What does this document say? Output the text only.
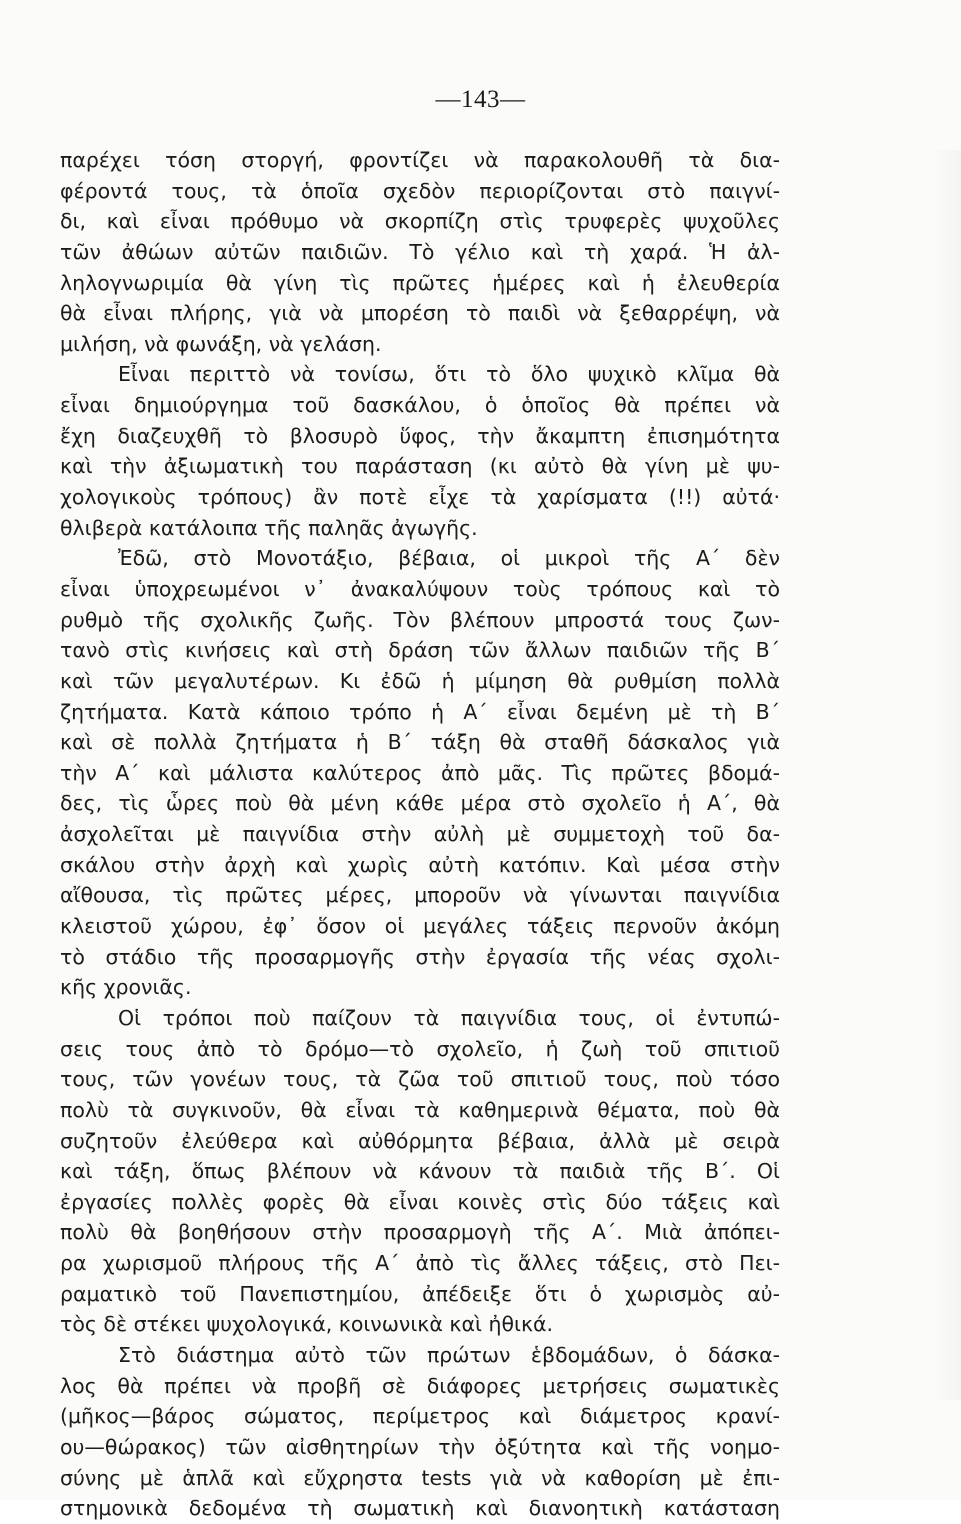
—143—
παρέχει τόση στοργή, φροντίζει νὰ παρακολουθῆ τὰ δια-
φέροντά τους, τὰ ὁποῖα σχεδὸν περιορίζονται στὸ παιγνί-
δι, καὶ εἶναι πρόθυμο νὰ σκορπίζη στὶς τρυφερὲς ψυχοῦλες
τῶν ἀθώων αὐτῶν παιδιῶν. Τὸ γέλιο καὶ τὴ χαρά. Ἡ ἀλ-
ληλογνωριμία θὰ γίνη τὶς πρῶτες ἡμέρες καὶ ἡ ἐλευθερία
θὰ εἶναι πλήρης, γιὰ νὰ μπορέση τὸ παιδὶ νὰ ξεθαρρέψη, νὰ
μιλήση, νὰ φωνάξη, νὰ γελάση.
Εἶναι περιττὸ νὰ τονίσω, ὅτι τὸ ὅλο ψυχικὸ κλῖμα θὰ
εἶναι δημιούργημα τοῦ δασκάλου, ὁ ὁποῖος θὰ πρέπει νὰ
ἔχη διαζευχθῆ τὸ βλοσυρὸ ὕφος, τὴν ἄκαμπτη ἐπισημότητα
καὶ τὴν ἀξιωματικὴ του παράσταση (κι αὐτὸ θὰ γίνη μὲ ψυ-
χολογικοὺς τρόπους) ἂν ποτὲ εἶχε τὰ χαρίσματα (!!) αὐτά·
θλιβερὰ κατάλοιπα τῆς παληᾶς ἀγωγῆς.
Ἐδῶ, στὸ Μονοτάξιο, βέβαια, οἱ μικροὶ τῆς Α΄ δὲν
εἶναι ὑποχρεωμένοι ν᾿ ἀνακαλύψουν τοὺς τρόπους καὶ τὸ
ρυθμὸ τῆς σχολικῆς ζωῆς. Τὸν βλέπουν μπροστά τους ζων-
τανὸ στὶς κινήσεις καὶ στὴ δράση τῶν ἄλλων παιδιῶν τῆς Β΄
καὶ τῶν μεγαλυτέρων. Κι ἐδῶ ἡ μίμηση θὰ ρυθμίση πολλὰ
ζητήματα. Κατὰ κάποιο τρόπο ἡ Α΄ εἶναι δεμένη μὲ τὴ Β΄
καὶ σὲ πολλὰ ζητήματα ἡ Β΄ τάξη θὰ σταθῆ δάσκαλος γιὰ
τὴν Α΄ καὶ μάλιστα καλύτερος ἀπὸ μᾶς. Τὶς πρῶτες βδομά-
δες, τὶς ὧρες ποὺ θὰ μένη κάθε μέρα στὸ σχολεῖο ἡ Α΄, θὰ
ἀσχολεῖται μὲ παιγνίδια στὴν αὐλὴ μὲ συμμετοχὴ τοῦ δα-
σκάλου στὴν ἀρχὴ καὶ χωρὶς αὐτὴ κατόπιν. Καὶ μέσα στὴν
αἴθουσα, τὶς πρῶτες μέρες, μποροῦν νὰ γίνωνται παιγνίδια
κλειστοῦ χώρου, ἐφ᾿ ὅσον οἱ μεγάλες τάξεις περνοῦν ἀκόμη
τὸ στάδιο τῆς προσαρμογῆς στὴν ἐργασία τῆς νέας σχολι-
κῆς χρονιᾶς.
Οἱ τρόποι ποὺ παίζουν τὰ παιγνίδια τους, οἱ ἐντυπώ-
σεις τους ἀπὸ τὸ δρόμο—τὸ σχολεῖο, ἡ ζωὴ τοῦ σπιτιοῦ
τους, τῶν γονέων τους, τὰ ζῶα τοῦ σπιτιοῦ τους, ποὺ τόσο
πολὺ τὰ συγκινοῦν, θὰ εἶναι τὰ καθημερινὰ θέματα, ποὺ θὰ
συζητοῦν ἐλεύθερα καὶ αὐθόρμητα βέβαια, ἀλλὰ μὲ σειρὰ
καὶ τάξη, ὅπως βλέπουν νὰ κάνουν τὰ παιδιὰ τῆς Β΄. Οἱ
ἐργασίες πολλὲς φορὲς θὰ εἶναι κοινὲς στὶς δύο τάξεις καὶ
πολὺ θὰ βοηθήσουν στὴν προσαρμογὴ τῆς Α΄. Μιὰ ἀπόπει-
ρα χωρισμοῦ πλήρους τῆς Α΄ ἀπὸ τὶς ἄλλες τάξεις, στὸ Πει-
ραματικὸ τοῦ Πανεπιστημίου, ἀπέδειξε ὅτι ὁ χωρισμὸς αὐ-
τὸς δὲ στέκει ψυχολογικά, κοινωνικὰ καὶ ἠθικά.
Στὸ διάστημα αὐτὸ τῶν πρώτων ἑβδομάδων, ὁ δάσκα-
λος θὰ πρέπει νὰ προβῆ σὲ διάφορες μετρήσεις σωματικὲς
(μῆκος—βάρος σώματος, περίμετρος καὶ διάμετρος κρανί-
ου—θώρακος) τῶν αἰσθητηρίων τὴν ὀξύτητα καὶ τῆς νοημο-
σύνης μὲ ἁπλᾶ καὶ εὔχρηστα tests γιὰ νὰ καθορίση μὲ ἐπι-
στημονικὰ δεδομένα τὴ σωματικὴ καὶ διανοητικὴ κατάσταση
